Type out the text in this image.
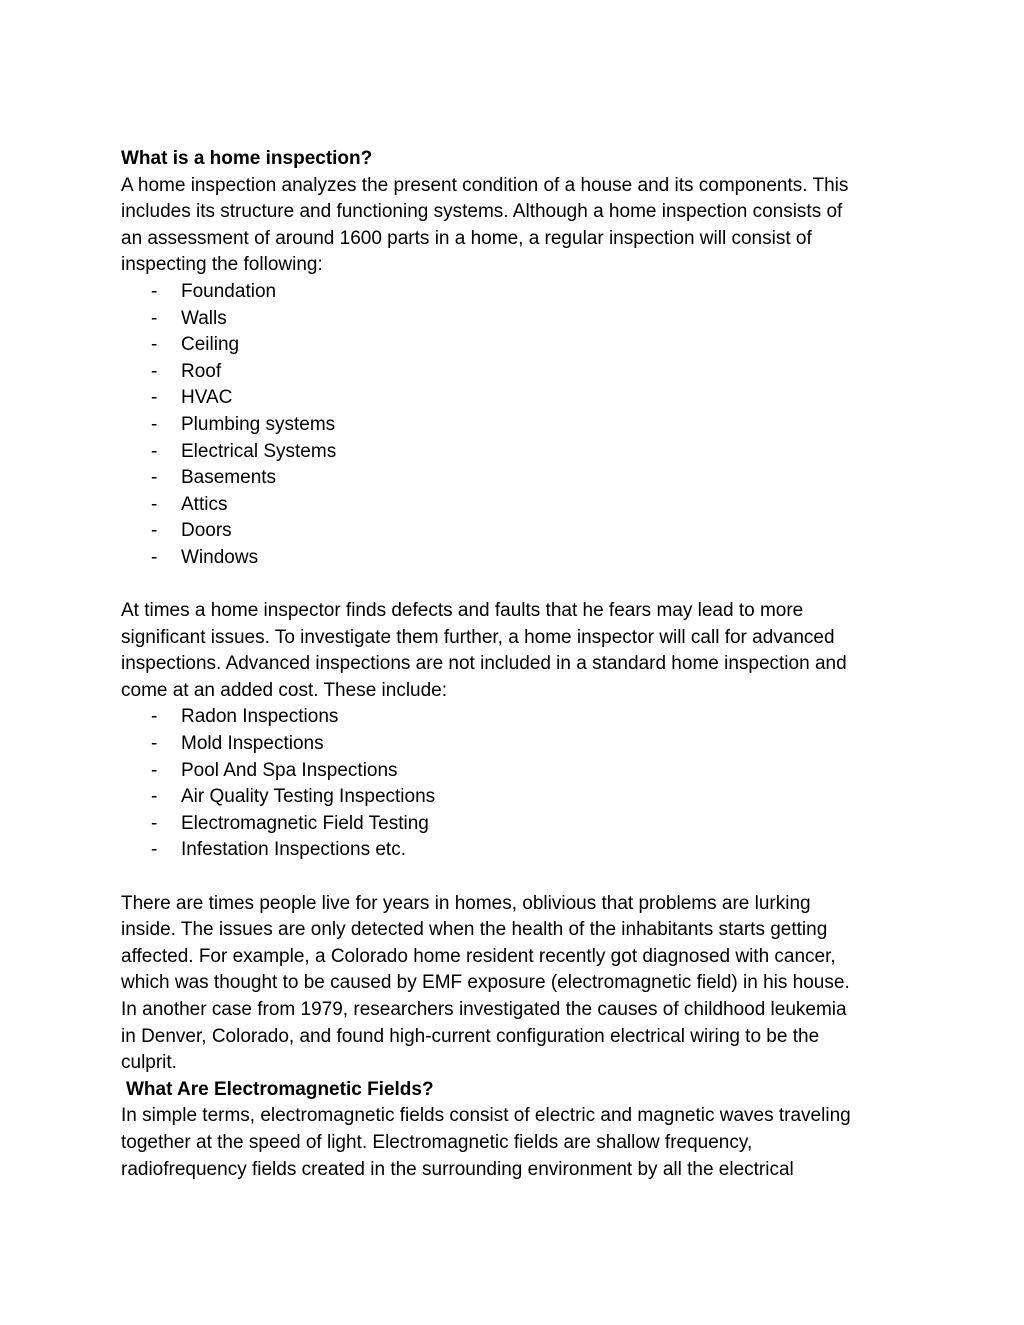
What is a home inspection?
A home inspection analyzes the present condition of a house and its components. This
includes its structure and functioning systems. Although a home inspection consists of
an assessment of around 1600 parts in a home, a regular inspection will consist of
inspecting the following:
- Foundation
- Walls
- Ceiling
- Roof
- HVAC
- Plumbing systems
- Electrical Systems
- Basements
- Attics
- Doors
- Windows
At times a home inspector finds defects and faults that he fears may lead to more
significant issues. To investigate them further, a home inspector will call for advanced
inspections. Advanced inspections are not included in a standard home inspection and
come at an added cost. These include:
- Radon Inspections
- Mold Inspections
- Pool And Spa Inspections
- Air Quality Testing Inspections
- Electromagnetic Field Testing
- Infestation Inspections etc.
There are times people live for years in homes, oblivious that problems are lurking
inside. The issues are only detected when the health of the inhabitants starts getting
affected. For example, a Colorado home resident recently got diagnosed with cancer,
which was thought to be caused by EMF exposure (electromagnetic field) in his house.
In another case from 1979, researchers investigated the causes of childhood leukemia
in Denver, Colorado, and found high-current configuration electrical wiring to be the
culprit.
What Are Electromagnetic Fields?
In simple terms, electromagnetic fields consist of electric and magnetic waves traveling
together at the speed of light. Electromagnetic fields are shallow frequency,
radiofrequency fields created in the surrounding environment by all the electrical
